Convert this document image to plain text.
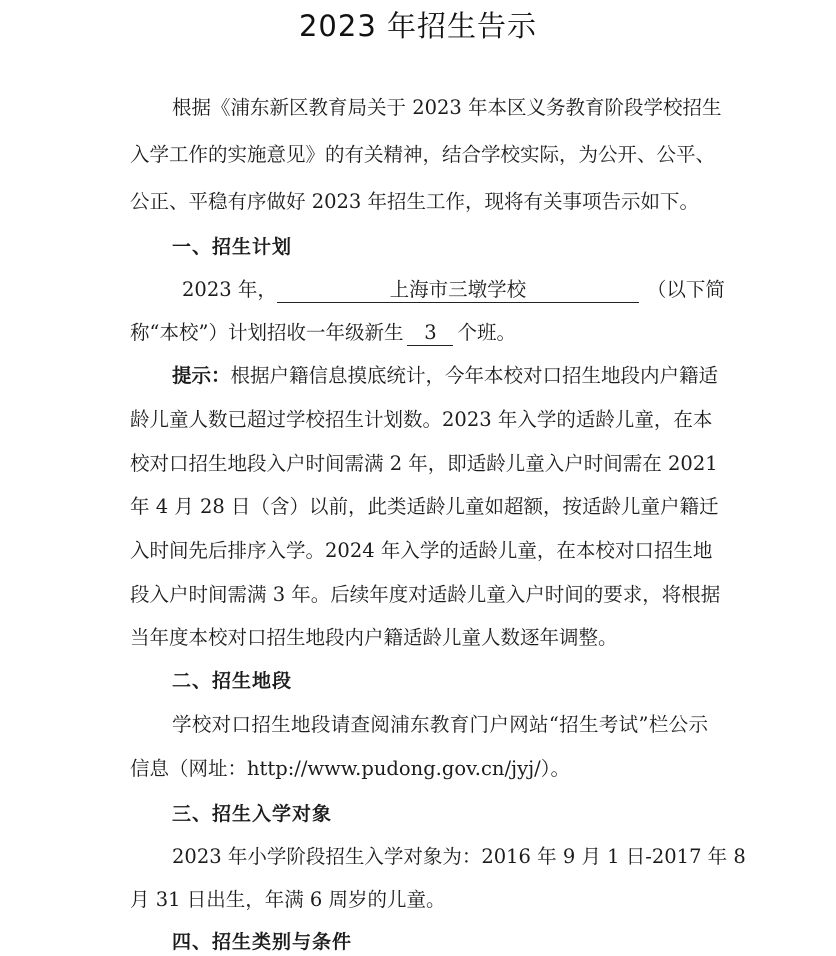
2023 年招生告示
根据《浦东新区教育局关于 2023 年本区义务教育阶段学校招生
入学工作的实施意见》的有关精神，结合学校实际，为公开、公平、
公正、平稳有序做好 2023 年招生工作，现将有关事项告示如下。
一、招生计划
2023 年，	上海市三墩学校	（以下简
称“本校”）计划招收一年级新生 3 个班。
提示：根据户籍信息摸底统计，今年本校对口招生地段内户籍适
龄儿童人数已超过学校招生计划数。2023 年入学的适龄儿童，在本
校对口招生地段入户时间需满 2 年，即适龄儿童入户时间需在 2021
年 4 月 28 日（含）以前，此类适龄儿童如超额，按适龄儿童户籍迁
入时间先后排序入学。2024 年入学的适龄儿童，在本校对口招生地
段入户时间需满 3 年。后续年度对适龄儿童入户时间的要求，将根据
当年度本校对口招生地段内户籍适龄儿童人数逐年调整。
二、招生地段
学校对口招生地段请查阅浦东教育门户网站“招生考试”栏公示
信息（网址：http://www.pudong.gov.cn/jyj/）。
三、招生入学对象
2023 年小学阶段招生入学对象为：2016 年 9 月 1 日-2017 年 8
月 31 日出生，年满 6 周岁的儿童。
四、招生类别与条件
